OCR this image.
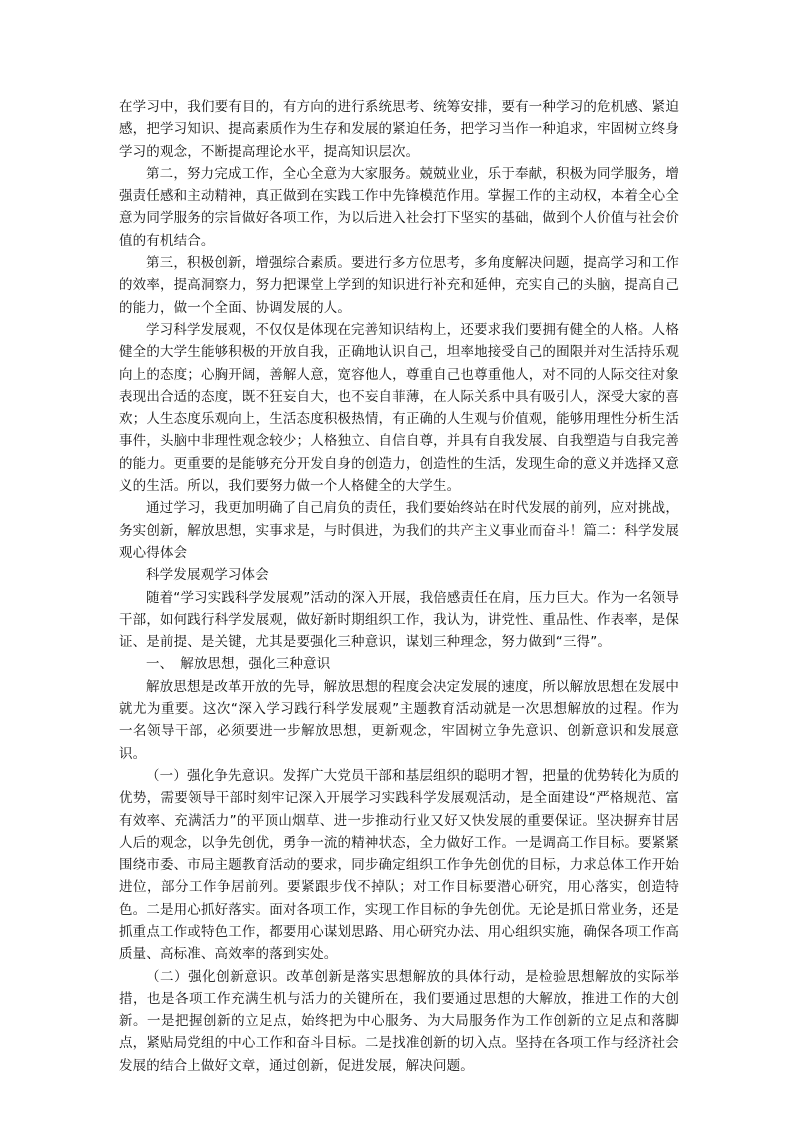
在学习中，我们要有目的，有方向的进行系统思考、统筹安排，要有一种学习的危机感、紧迫感，把学习知识、提高素质作为生存和发展的紧迫任务，把学习当作一种追求，牢固树立终身学习的观念，不断提高理论水平，提高知识层次。

第二，努力完成工作，全心全意为大家服务。兢兢业业，乐于奉献，积极为同学服务，增强责任感和主动精神，真正做到在实践工作中先锋模范作用。掌握工作的主动权，本着全心全意为同学服务的宗旨做好各项工作，为以后进入社会打下坚实的基础，做到个人价值与社会价值的有机结合。

第三，积极创新，增强综合素质。要进行多方位思考，多角度解决问题，提高学习和工作的效率，提高洞察力，努力把课堂上学到的知识进行补充和延伸，充实自己的头脑，提高自己的能力，做一个全面、协调发展的人。

学习科学发展观，不仅仅是体现在完善知识结构上，还要求我们要拥有健全的人格。人格健全的大学生能够积极的开放自我，正确地认识自己，坦率地接受自己的囿限并对生活持乐观向上的态度；心胸开阔，善解人意，宽容他人，尊重自己也尊重他人，对不同的人际交往对象表现出合适的态度，既不狂妄自大，也不妄自菲薄，在人际关系中具有吸引人，深受大家的喜欢；人生态度乐观向上，生活态度积极热情，有正确的人生观与价值观，能够用理性分析生活事件，头脑中非理性观念较少；人格独立、自信自尊，并具有自我发展、自我塑造与自我完善的能力。更重要的是能够充分开发自身的创造力，创造性的生活，发现生命的意义并选择又意义的生活。所以，我们要努力做一个人格健全的大学生。

通过学习，我更加明确了自己肩负的责任，我们要始终站在时代发展的前列，应对挑战，务实创新，解放思想，实事求是，与时俱进，为我们的共产主义事业而奋斗！篇二：科学发展观心得体会

科学发展观学习体会

随着“学习实践科学发展观”活动的深入开展，我倍感责任在肩，压力巨大。作为一名领导干部，如何践行科学发展观，做好新时期组织工作，我认为，讲党性、重品性、作表率，是保证、是前提、是关键，尤其是要强化三种意识，谋划三种理念，努力做到“三得”。

一、　解放思想，强化三种意识

解放思想是改革开放的先导，解放思想的程度会决定发展的速度，所以解放思想在发展中就尤为重要。这次“深入学习践行科学发展观”主题教育活动就是一次思想解放的过程。作为一名领导干部，必须要进一步解放思想，更新观念，牢固树立争先意识、创新意识和发展意识。

（一）强化争先意识。发挥广大党员干部和基层组织的聪明才智，把量的优势转化为质的优势，需要领导干部时刻牢记深入开展学习实践科学发展观活动，是全面建设“严格规范、富有效率、充满活力”的平顶山烟草、进一步推动行业又好又快发展的重要保证。坚决摒弃甘居人后的观念，以争先创优，勇争一流的精神状态，全力做好工作。一是调高工作目标。要紧紧围绕市委、市局主题教育活动的要求，同步确定组织工作争先创优的目标，力求总体工作开始进位，部分工作争居前列。要紧跟步伐不掉队；对工作目标要潜心研究，用心落实，创造特色。二是用心抓好落实。面对各项工作，实现工作目标的争先创优。无论是抓日常业务，还是抓重点工作或特色工作，都要用心谋划思路、用心研究办法、用心组织实施，确保各项工作高质量、高标准、高效率的落到实处。

（二）强化创新意识。改革创新是落实思想解放的具体行动，是检验思想解放的实际举措，也是各项工作充满生机与活力的关键所在，我们要通过思想的大解放，推进工作的大创新。一是把握创新的立足点，始终把为中心服务、为大局服务作为工作创新的立足点和落脚点，紧贴局党组的中心工作和奋斗目标。二是找准创新的切入点。坚持在各项工作与经济社会发展的结合上做好文章，通过创新，促进发展，解决问题。
